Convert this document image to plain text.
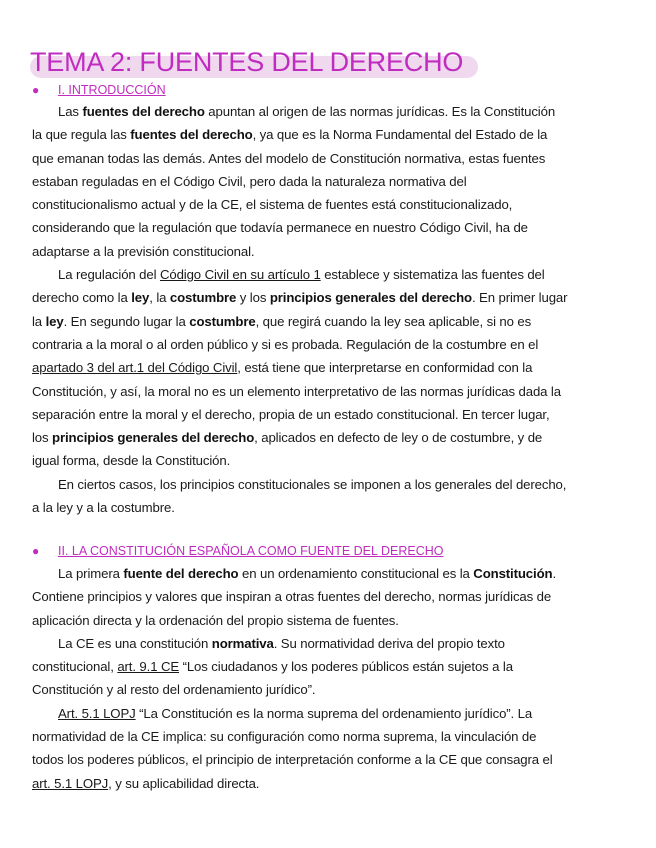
TEMA 2: FUENTES DEL DERECHO
● I. INTRODUCCIÓN
Las fuentes del derecho apuntan al origen de las normas jurídicas. Es la Constitución
la que regula las fuentes del derecho, ya que es la Norma Fundamental del Estado de la
que emanan todas las demás. Antes del modelo de Constitución normativa, estas fuentes
estaban reguladas en el Código Civil, pero dada la naturaleza normativa del
constitucionalismo actual y de la CE, el sistema de fuentes está constitucionalizado,
considerando que la regulación que todavía permanece en nuestro Código Civil, ha de
adaptarse a la previsión constitucional.
La regulación del Código Civil en su artículo 1 establece y sistematiza las fuentes del
derecho como la ley, la costumbre y los principios generales del derecho. En primer lugar
la ley. En segundo lugar la costumbre, que regirá cuando la ley sea aplicable, si no es
contraria a la moral o al orden público y si es probada. Regulación de la costumbre en el
apartado 3 del art.1 del Código Civil, está tiene que interpretarse en conformidad con la
Constitución, y así, la moral no es un elemento interpretativo de las normas jurídicas dada la
separación entre la moral y el derecho, propia de un estado constitucional. En tercer lugar,
los principios generales del derecho, aplicados en defecto de ley o de costumbre, y de
igual forma, desde la Constitución.
En ciertos casos, los principios constitucionales se imponen a los generales del derecho,
a la ley y a la costumbre.
● II. LA CONSTITUCIÓN ESPAÑOLA COMO FUENTE DEL DERECHO
La primera fuente del derecho en un ordenamiento constitucional es la Constitución.
Contiene principios y valores que inspiran a otras fuentes del derecho, normas jurídicas de
aplicación directa y la ordenación del propio sistema de fuentes.
La CE es una constitución normativa. Su normatividad deriva del propio texto
constitucional, art. 9.1 CE “Los ciudadanos y los poderes públicos están sujetos a la
Constitución y al resto del ordenamiento jurídico”.
Art. 5.1 LOPJ “La Constitución es la norma suprema del ordenamiento jurídico”. La
normatividad de la CE implica: su configuración como norma suprema, la vinculación de
todos los poderes públicos, el principio de interpretación conforme a la CE que consagra el
art. 5.1 LOPJ, y su aplicabilidad directa.
